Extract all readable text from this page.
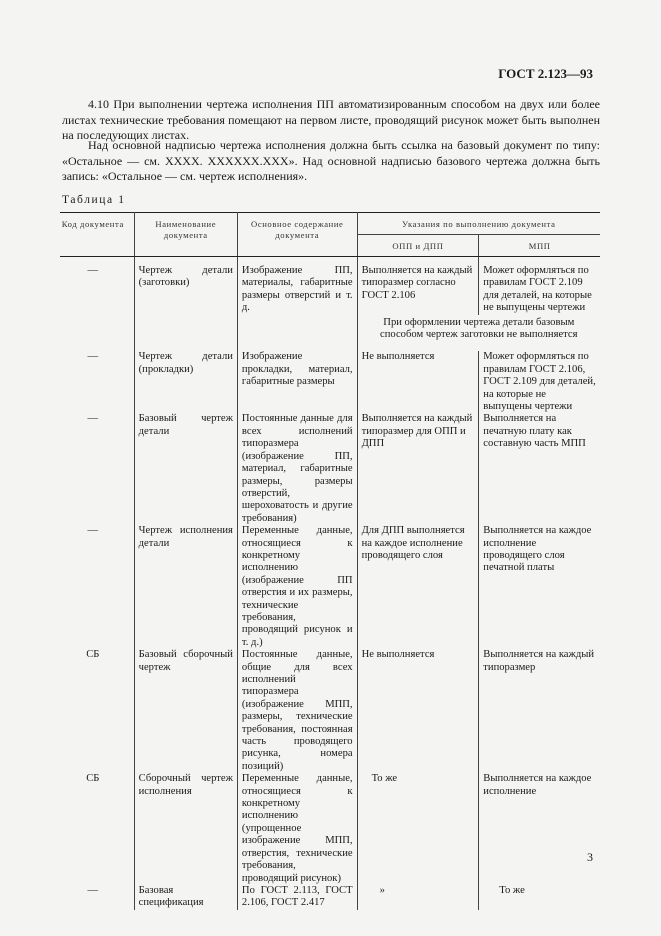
ГОСТ 2.123—93

4.10 При выполнении чертежа исполнения ПП автоматизированным способом на двух или более листах технические требования помещают на первом листе, проводящий рисунок может быть выполнен на последующих листах.

Над основной надписью чертежа исполнения должна быть ссылка на базовый документ по типу: «Остальное — см. ХХХХ. ХХХХХХ.ХХХ». Над основной надписью базового чертежа должна быть запись: «Остальное — см. чертеж исполнения».

Таблица 1
Код документа	Наименование документа	Основное содержание документа	Указания по выполнению документа	
			ОПП и ДПП	МПП
—	Чертеж детали (заготовки)	Изображение ПП, материалы, габаритные размеры отверстий и т. д.	Выполняется на каждый типоразмер согласно ГОСТ 2.106	Может оформляться по правилам ГОСТ 2.109 для деталей, на которые не выпущены чертежи
			При оформлении чертежа детали базовым способом чертеж заготовки не выполняется	
—	Чертеж детали (прокладки)	Изображение прокладки, материал, габаритные размеры	Не выполняется	Может оформляться по правилам ГОСТ 2.106, ГОСТ 2.109 для деталей, на которые не выпущены чертежи
—	Базовый чертеж детали	Постоянные данные для всех исполнений типоразмера (изображение ПП, материал, габаритные размеры, размеры отверстий, шероховатость и другие требования)	Выполняется на каждый типоразмер для ОПП и ДПП	Выполняется на печатную плату как составную часть МПП
—	Чертеж исполнения детали	Переменные данные, относящиеся к конкретному исполнению (изображение ПП отверстия и их размеры, технические требования, проводящий рисунок и т. д.)	Для ДПП выполняется на каждое исполнение проводящего слоя	Выполняется на каждое исполнение проводящего слоя печатной платы
СБ	Базовый сборочный чертеж	Постоянные данные, общие для всех исполнений типоразмера (изображение МПП, размеры, технические требования, постоянная часть проводящего рисунка, номера позиций)	Не выполняется	Выполняется на каждый типоразмер
СБ	Сборочный чертеж исполнения	Переменные данные, относящиеся к конкретному исполнению (упрощенное изображение МПП, отверстия, технические требования, проводящий рисунок)	То же	Выполняется на каждое исполнение
—	Базовая спецификация	По ГОСТ 2.113, ГОСТ 2.106, ГОСТ 2.417	»	То же
3
